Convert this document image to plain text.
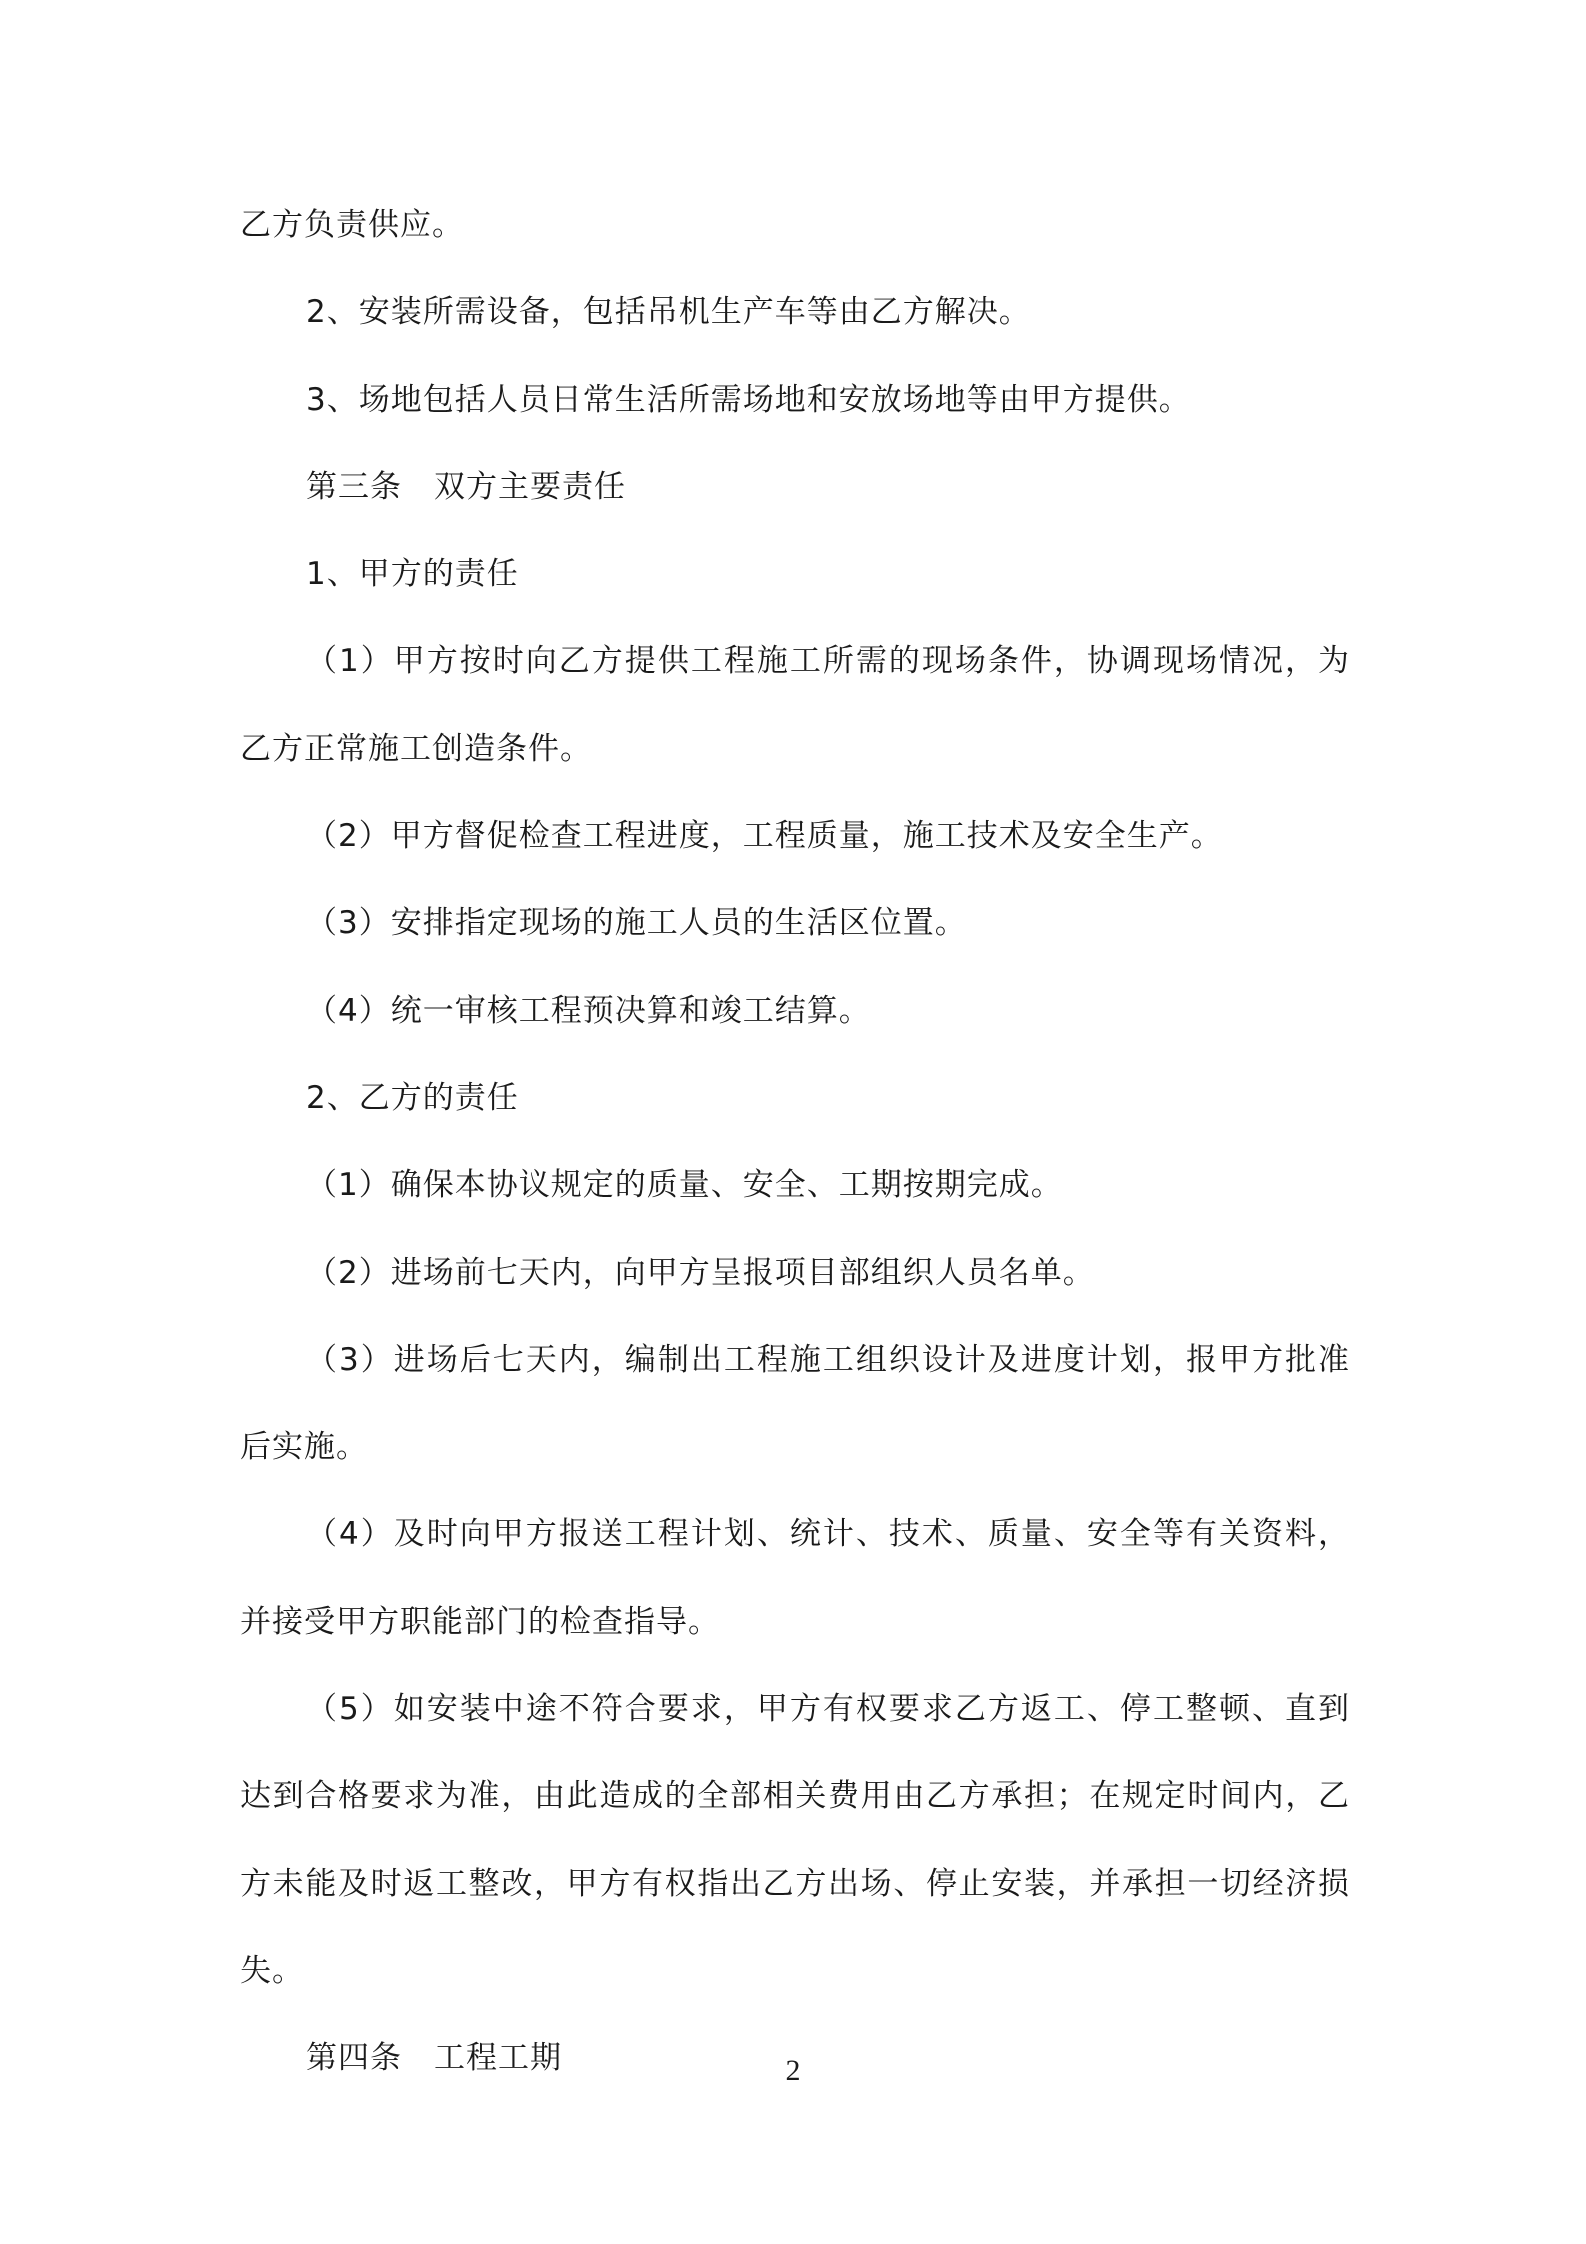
乙方负责供应。

2、安装所需设备，包括吊机生产车等由乙方解决。

3、场地包括人员日常生活所需场地和安放场地等由甲方提供。

第三条　双方主要责任

1、甲方的责任

（1）甲方按时向乙方提供工程施工所需的现场条件，协调现场情况，为乙方正常施工创造条件。

（2）甲方督促检查工程进度，工程质量，施工技术及安全生产。

（3）安排指定现场的施工人员的生活区位置。

（4）统一审核工程预决算和竣工结算。

2、乙方的责任

（1）确保本协议规定的质量、安全、工期按期完成。

（2）进场前七天内，向甲方呈报项目部组织人员名单。

（3）进场后七天内，编制出工程施工组织设计及进度计划，报甲方批准后实施。

（4）及时向甲方报送工程计划、统计、技术、质量、安全等有关资料，并接受甲方职能部门的检查指导。

（5）如安装中途不符合要求，甲方有权要求乙方返工、停工整顿、直到达到合格要求为准，由此造成的全部相关费用由乙方承担；在规定时间内，乙方未能及时返工整改，甲方有权指出乙方出场、停止安装，并承担一切经济损失。

第四条　工程工期	2
